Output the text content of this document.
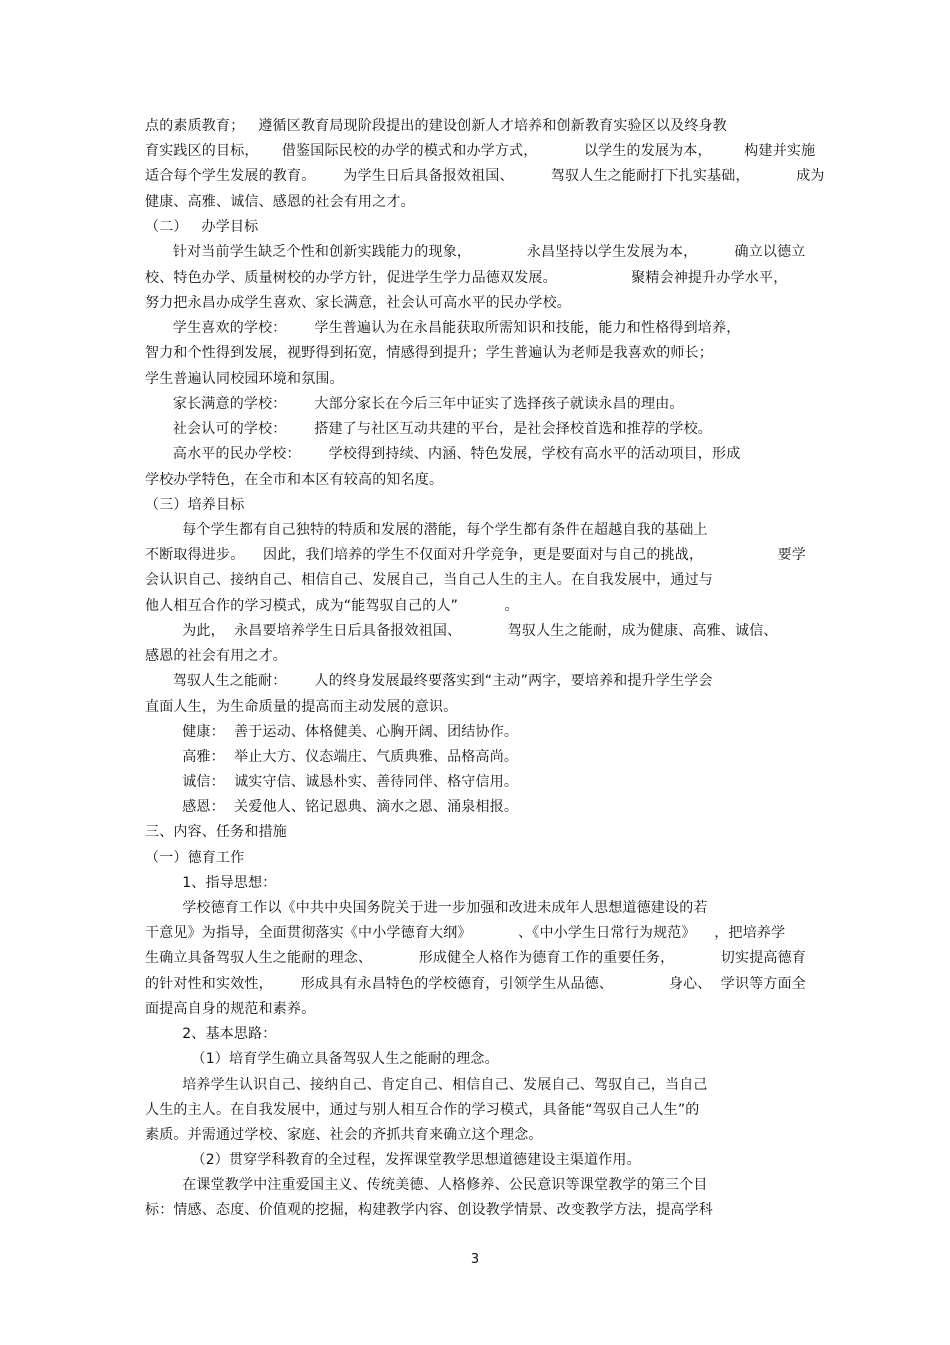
点的素质教育；   遵循区教育局现阶段提出的建设创新人才培养和创新教育实验区以及终身教
育实践区的目标，     借鉴国际民校的办学的模式和办学方式，          以学生的发展为本，       构建并实施
适合每个学生发展的教育。      为学生日后具备报效祖国、        驾驭人生之能耐打下扎实基础，          成为
健康、高雅、诚信、感恩的社会有用之才。
（二）   办学目标
针对当前学生缺乏个性和创新实践能力的现象，            永昌坚持以学生发展为本，        确立以德立
校、特色办学、质量树校的办学方针，促进学生学力品德双发展。                聚精会神提升办学水平，
努力把永昌办成学生喜欢、家长满意，社会认可高水平的民办学校。
学生喜欢的学校：      学生普遍认为在永昌能获取所需知识和技能，能力和性格得到培养，
智力和个性得到发展，视野得到拓宽，情感得到提升；学生普遍认为老师是我喜欢的师长；
学生普遍认同校园环境和氛围。
家长满意的学校：      大部分家长在今后三年中证实了选择孩子就读永昌的理由。
社会认可的学校：      搭建了与社区互动共建的平台，是社会择校首选和推荐的学校。
高水平的民办学校：      学校得到持续、内涵、特色发展，学校有高水平的活动项目，形成
学校办学特色，在全市和本区有较高的知名度。
（三）培养目标
每个学生都有自己独特的特质和发展的潜能，每个学生都有条件在超越自我的基础上
不断取得进步。    因此，我们培养的学生不仅面对升学竞争，更是要面对与自己的挑战，                要学
会认识自己、接纳自己、相信自己、发展自己，当自己人生的主人。在自我发展中，通过与
他人相互合作的学习模式，成为“能驾驭自己的人”          。
为此，  永昌要培养学生日后具备报效祖国、          驾驭人生之能耐，成为健康、高雅、诚信、
感恩的社会有用之才。
驾驭人生之能耐：      人的终身发展最终要落实到“主动”两字，要培养和提升学生学会
直面人生，为生命质量的提高而主动发展的意识。
健康：  善于运动、体格健美、心胸开阔、团结协作。
高雅：  举止大方、仪态端庄、气质典雅、品格高尚。
诚信：  诚实守信、诚恳朴实、善待同伴、格守信用。
感恩：  关爱他人、铭记恩典、滴水之恩、涌泉相报。
三、内容、任务和措施
（一）德育工作
1、指导思想：
学校德育工作以《中共中央国务院关于进一步加强和改进未成年人思想道德建设的若
干意见》为指导，全面贯彻落实《中小学德育大纲》          、《中小学生日常行为规范》    ，把培养学
生确立具备驾驭人生之能耐的理念、          形成健全人格作为德育工作的重要任务，          切实提高德育
的针对性和实效性，      形成具有永昌特色的学校德育，引领学生从品德、            身心、  学识等方面全
面提高自身的规范和素养。
2、基本思路：
（1）培育学生确立具备驾驭人生之能耐的理念。
培养学生认识自己、接纳自己、肯定自己、相信自己、发展自己、驾驭自己，当自己
人生的主人。在自我发展中，通过与别人相互合作的学习模式，具备能“驾驭自己人生”的
素质。并需通过学校、家庭、社会的齐抓共育来确立这个理念。
（2）贯穿学科教育的全过程，发挥课堂教学思想道德建设主渠道作用。
在课堂教学中注重爱国主义、传统美德、人格修养、公民意识等课堂教学的第三个目
标：情感、态度、价值观的挖掘，构建教学内容、创设教学情景、改变教学方法，提高学科
3
